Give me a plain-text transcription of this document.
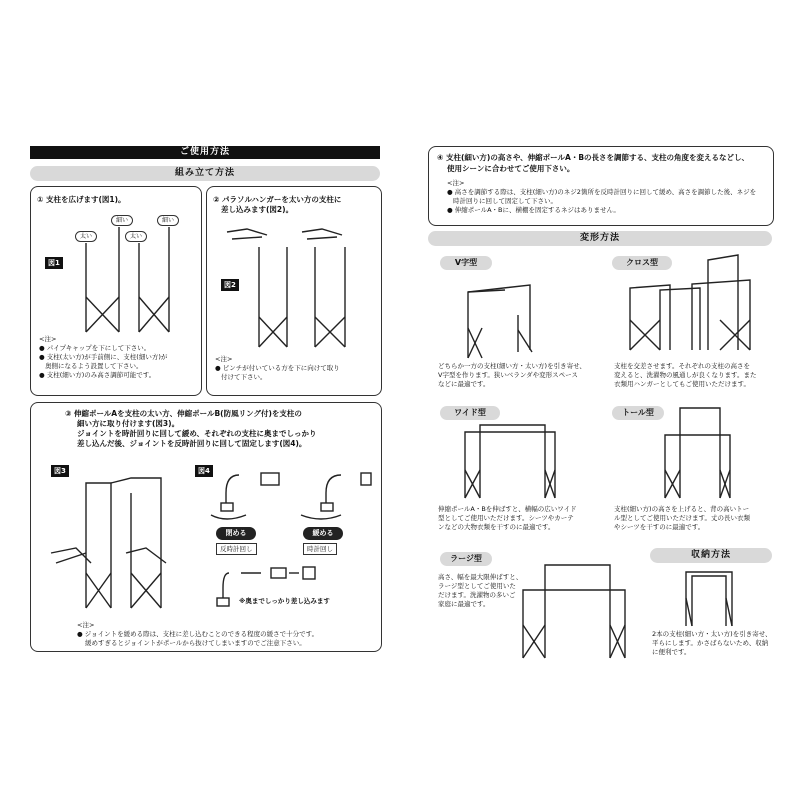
ご使用方法
組み立て方法
① 支柱を広げます(図1)。
細い
太い	太い
細い
図1
<注>
● パイプキャップを下にして下さい。
● 支柱(太い方)が手前側に、支柱(細い方)が
奥側になるよう設置して下さい。
● 支柱(細い方)のみ高さ調節可能です。
② パラソルハンガーを太い方の支柱に
差し込みます(図2)。
図2
<注>
● ピンチが付いている方を下に向けて取り
付けて下さい。
③ 伸縮ポールAを支柱の太い方、伸縮ポールB(防風リング付)を支柱の
細い方に取り付けます(図3)。
ジョイントを時計回りに回して緩め、それぞれの支柱に奥までしっかり
差し込んだ後、ジョイントを反時計回りに回して固定します(図4)。
図3	図4
閉める
反時計回し
緩める
時計回し
※奥までしっかり差し込みます
<注>
● ジョイントを緩める際は、支柱に差し込むことのできる程度の緩さで十分です。
緩めすぎるとジョイントがポールから抜けてしまいますのでご注意下さい。
④ 支柱(細い方)の高さや、伸縮ポールA・Bの長さを調節する、支柱の角度を変えるなどし、
使用シーンに合わせてご使用下さい。
<注>
● 高さを調節する際は、支柱(細い方)のネジ2箇所を反時計回りに回して緩め、高さを調節した後、ネジを
時計回りに回して固定して下さい。
● 伸縮ポールA・Bに、横棚を固定するネジはありません。
変形方法
V字型
どちらか一方の支柱(細い方・太い方)を引き寄せ、
V字型を作ります。狭いベランダや変形スペース
などに最適です。
クロス型
支柱を交差させます。それぞれの支柱の高さを
変えると、洗濯物の風通しが良くなります。また
衣類用ハンガーとしてもご使用いただけます。
ワイド型
伸縮ポールA・Bを伸ばすと、横幅の広いワイド
型としてご使用いただけます。シーツやカーテ
ンなどの大物衣類を干すのに最適です。
トール型
支柱(細い方)の高さを上げると、背の高いトー
ル型としてご使用いただけます。丈の長い衣類
やシーツを干すのに最適です。
ラージ型
高さ、幅を最大限伸ばすと、
ラージ型としてご使用いた
だけます。洗濯物の多いご
家庭に最適です。
収納方法
2本の支柱(細い方・太い方)を引き寄せ、
平らにします。かさばらないため、収納
に便利です。
